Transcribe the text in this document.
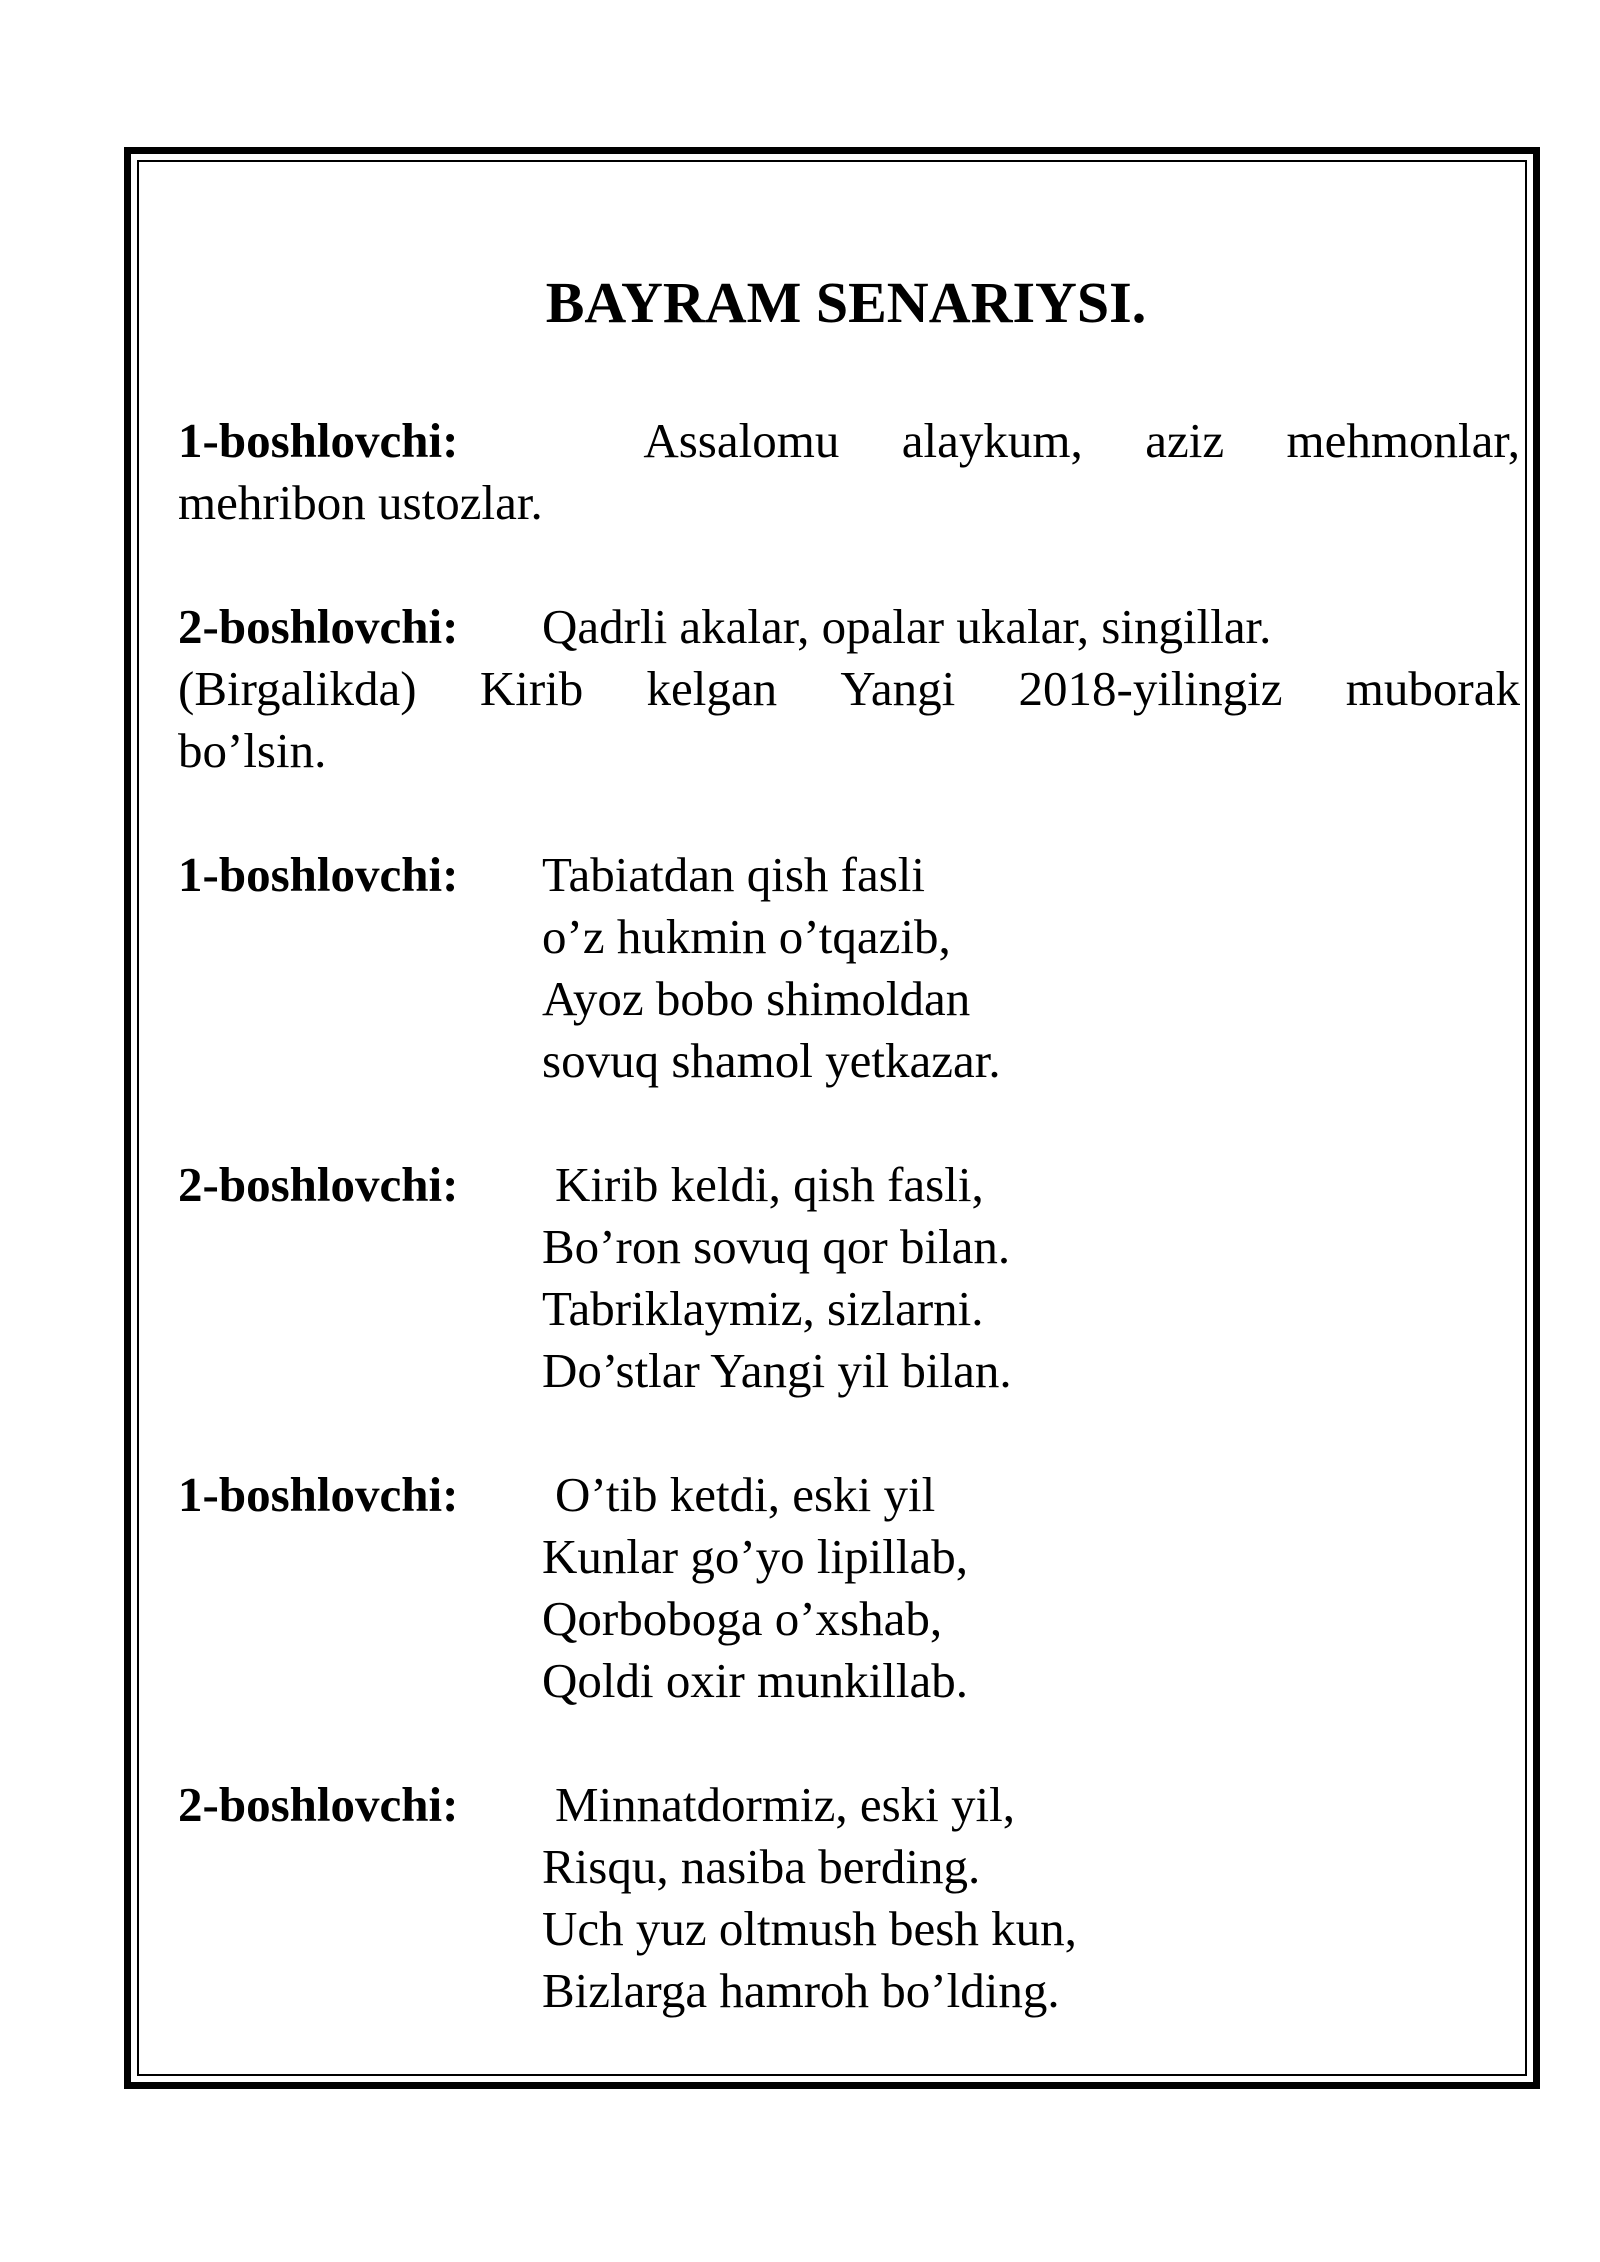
BAYRAM SENARIYSI.
1-boshlovchi:	Assalomu alaykum, aziz mehmonlar,
mehribon ustozlar.
2-boshlovchi: Qadrli akalar, opalar ukalar, singillar.
(Birgalikda) Kirib kelgan Yangi 2018-yilingiz muborak
bo’lsin.
1-boshlovchi: Tabiatdan qish fasli
o’z hukmin o’tqazib,
Ayoz bobo shimoldan
sovuq shamol yetkazar.
2-boshlovchi: Kirib keldi, qish fasli,
Bo’ron sovuq qor bilan.
Tabriklaymiz, sizlarni.
Do’stlar Yangi yil bilan.
1-boshlovchi: O’tib ketdi, eski yil
Kunlar go’yo lipillab,
Qorboboga o’xshab,
Qoldi oxir munkillab.
2-boshlovchi: Minnatdormiz, eski yil,
Risqu, nasiba berding.
Uch yuz oltmush besh kun,
Bizlarga hamroh bo’lding.
